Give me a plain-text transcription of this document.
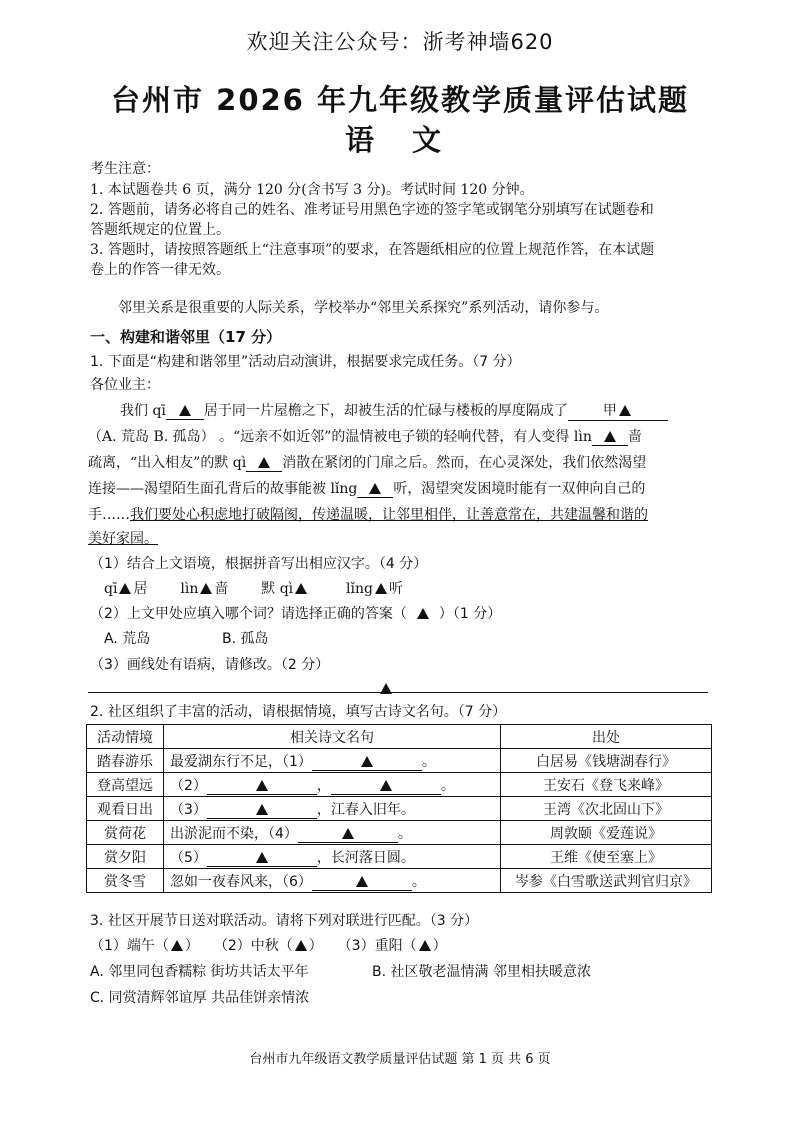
欢迎关注公众号：浙考神墙620
台州市 2026 年九年级教学质量评估试题
语 文
考生注意：
1. 本试题卷共 6 页，满分 120 分(含书写 3 分)。考试时间 120 分钟。
2. 答题前，请务必将自己的姓名、准考证号用黑色字迹的签字笔或钢笔分别填写在试题卷和
答题纸规定的位置上。
3. 答题时，请按照答题纸上“注意事项”的要求，在答题纸相应的位置上规范作答，在本试题
卷上的作答一律无效。
邻里关系是很重要的人际关系，学校举办“邻里关系探究”系列活动，请你参与。
一、构建和谐邻里（17 分）
1. 下面是“构建和谐邻里”活动启动演讲，根据要求完成任务。（7 分）
各位业主：
我们 qī	居于同一片屋檐之下，却被生活的忙碌与楼板的厚度隔成了	甲
（A. 荒岛 B. 孤岛） 。“远亲不如近邻”的温情被电子锁的轻响代替，有人变得 lìn	啬
疏离，“出入相友”的默 qì	消散在紧闭的门扉之后。然而，在心灵深处，我们依然渴望
连接——渴望陌生面孔背后的故事能被 lǐng	听，渴望突发困境时能有一双伸向自己的
手……我们要处心积虑地打破隔阂，传递温暖，让邻里相伴，让善意常在，共建温馨和谐的
美好家园。
（1）结合上文语境，根据拼音写出相应汉字。（4 分）
qī 居 lìn 啬 默 qì	lǐng 听
（2）上文甲处应填入哪个词？请选择正确的答案（ ）（1 分）
A. 荒岛	B. 孤岛
（3）画线处有语病，请修改。（2 分）
2. 社区组织了丰富的活动，请根据情境，填写古诗文名句。（7 分）
活动情境	相关诗文名句	出处
踏春游乐	最爱湖东行不足，（1） 。	白居易《钱塘湖春行》
登高望远	（2） ， 。	王安石《登飞来峰》
观看日出	（3） ，江春入旧年。	王湾《次北固山下》
赏荷花	出淤泥而不染，（4） 。	周敦颐《爱莲说》
赏夕阳	（5） ，长河落日圆。	王维《使至塞上》
赏冬雪	忽如一夜春风来，（6） 。	岑参《白雪歌送武判官归京》
3. 社区开展节日送对联活动。请将下列对联进行匹配。（3 分）
（1）端午（ ） （2）中秋（ ） （3）重阳（ ）
A. 邻里同包香糯粽 街坊共话太平年	B. 社区敬老温情满 邻里相扶暖意浓
C. 同赏清辉邻谊厚 共品佳饼亲情浓
台州市九年级语文教学质量评估试题 第 1 页 共 6 页
